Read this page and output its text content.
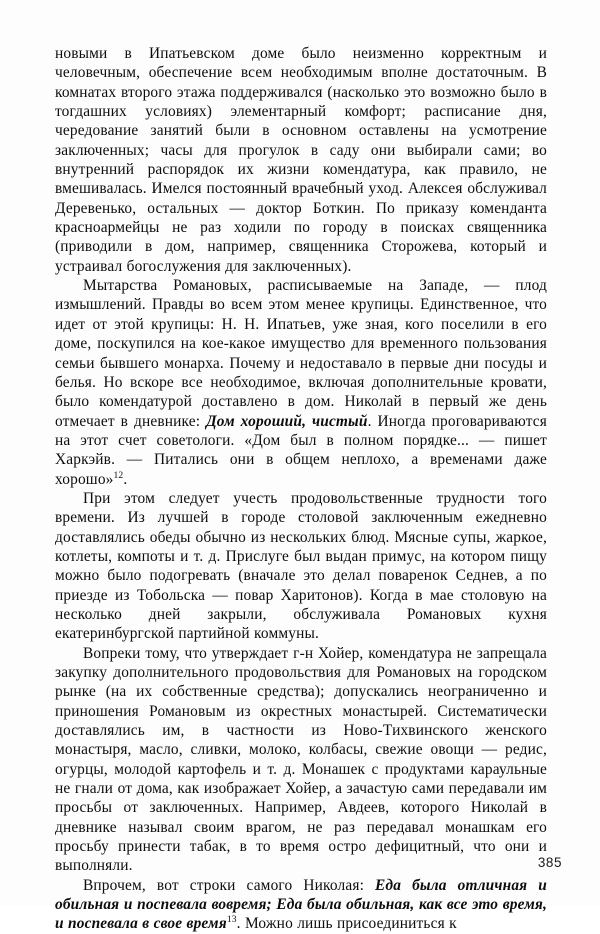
новыми в Ипатьевском доме было неизменно корректным и человечным, обеспечение всем необходимым вполне достаточным. В комнатах второго этажа поддерживался (насколько это возможно было в тогдашних условиях) элементарный комфорт; расписание дня, чередование занятий были в основном оставлены на усмотрение заключенных; часы для прогулок в саду они выбирали сами; во внутренний распорядок их жизни комендатура, как правило, не вмешивалась. Имелся постоянный врачебный уход. Алексея обслуживал Деревенько, остальных — доктор Боткин. По приказу коменданта красноармейцы не раз ходили по городу в поисках священника (приводили в дом, например, священника Сторожева, который и устраивал богослужения для заключенных).

Мытарства Романовых, расписываемые на Западе, — плод измышлений. Правды во всем этом менее крупицы. Единственное, что идет от этой крупицы: Н. Н. Ипатьев, уже зная, кого поселили в его доме, поскупился на кое-какое имущество для временного пользования семьи бывшего монарха. Почему и недоставало в первые дни посуды и белья. Но вскоре все необходимое, включая дополнительные кровати, было комендатурой доставлено в дом. Николай в первый же день отмечает в дневнике: Дом хороший, чистый. Иногда проговариваются на этот счет советологи. «Дом был в полном порядке... — пишет Харкэйв. — Питались они в общем неплохо, а временами даже хорошо»$^{12}$.

При этом следует учесть продовольственные трудности того времени. Из лучшей в городе столовой заключенным ежедневно доставлялись обеды обычно из нескольких блюд. Мясные супы, жаркое, котлеты, компоты и т. д. Прислуге был выдан примус, на котором пищу можно было подогревать (вначале это делал поваренок Седнев, а по приезде из Тобольска — повар Харитонов). Когда в мае столовую на несколько дней закрыли, обслуживала Романовых кухня екатеринбургской партийной коммуны.

Вопреки тому, что утверждает г-н Хойер, комендатура не запрещала закупку дополнительного продовольствия для Романовых на городском рынке (на их собственные средства); допускались неограниченно и приношения Романовым из окрестных монастырей. Систематически доставлялись им, в частности из Ново-Тихвинского женского монастыря, масло, сливки, молоко, колбасы, свежие овощи — редис, огурцы, молодой картофель и т. д. Монашек с продуктами караульные не гнали от дома, как изображает Хойер, а зачастую сами передавали им просьбы от заключенных. Например, Авдеев, которого Николай в дневнике называл своим врагом, не раз передавал монашкам его просьбу принести табак, в то время остро дефицитный, что они и выполняли.

Впрочем, вот строки самого Николая: Еда была отличная и обильная и поспевала вовремя; Еда была обильная, как все это время, и поспевала в свое время$^{13}$. Можно лишь присоединиться к

385
